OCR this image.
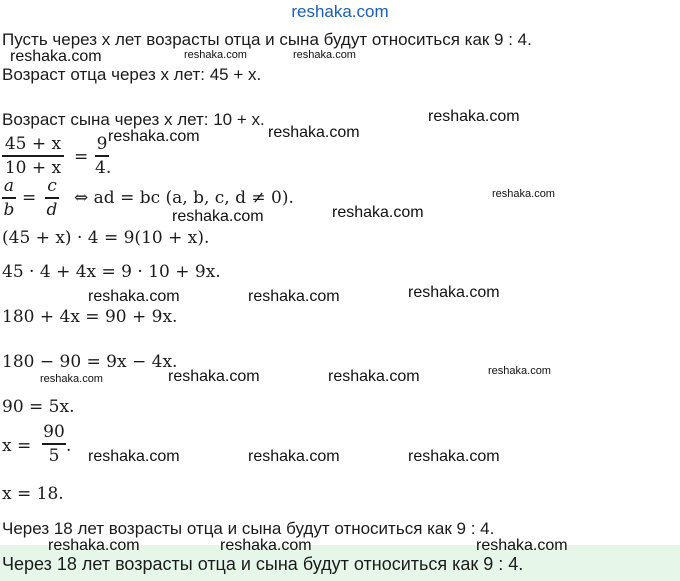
reshaka.com
Пусть через x лет возрасты отца и сына будут относиться как 9 : 4.
Возраст отца через x лет: 45 + x.
Возраст сына через x лет: 10 + x.
45 + x
10 + x
=
9
4.
a
b
=
c
d
⇔ ad = bc (a, b, c, d ≠ 0).
(45 + x) · 4 = 9(10 + x).
45 · 4 + 4x = 9 · 10 + 9x.
180 + 4x = 90 + 9x.
180 − 90 = 9x − 4x.
90 = 5x.
x =
90
5 .
x = 18.
Через 18 лет возрасты отца и сына будут относиться как 9 : 4.
Через 18 лет возрасты отца и сына будут относиться как 9 : 4.
reshaka.com	reshaka.com	reshaka.com
reshaka.com
reshaka.com	reshaka.com
reshaka.com
reshaka.com	reshaka.com
reshaka.com	reshaka.com	reshaka.com
reshaka.com	reshaka.com	reshaka.com	reshaka.com
reshaka.com	reshaka.com	reshaka.com
reshaka.com	reshaka.com	reshaka.com
